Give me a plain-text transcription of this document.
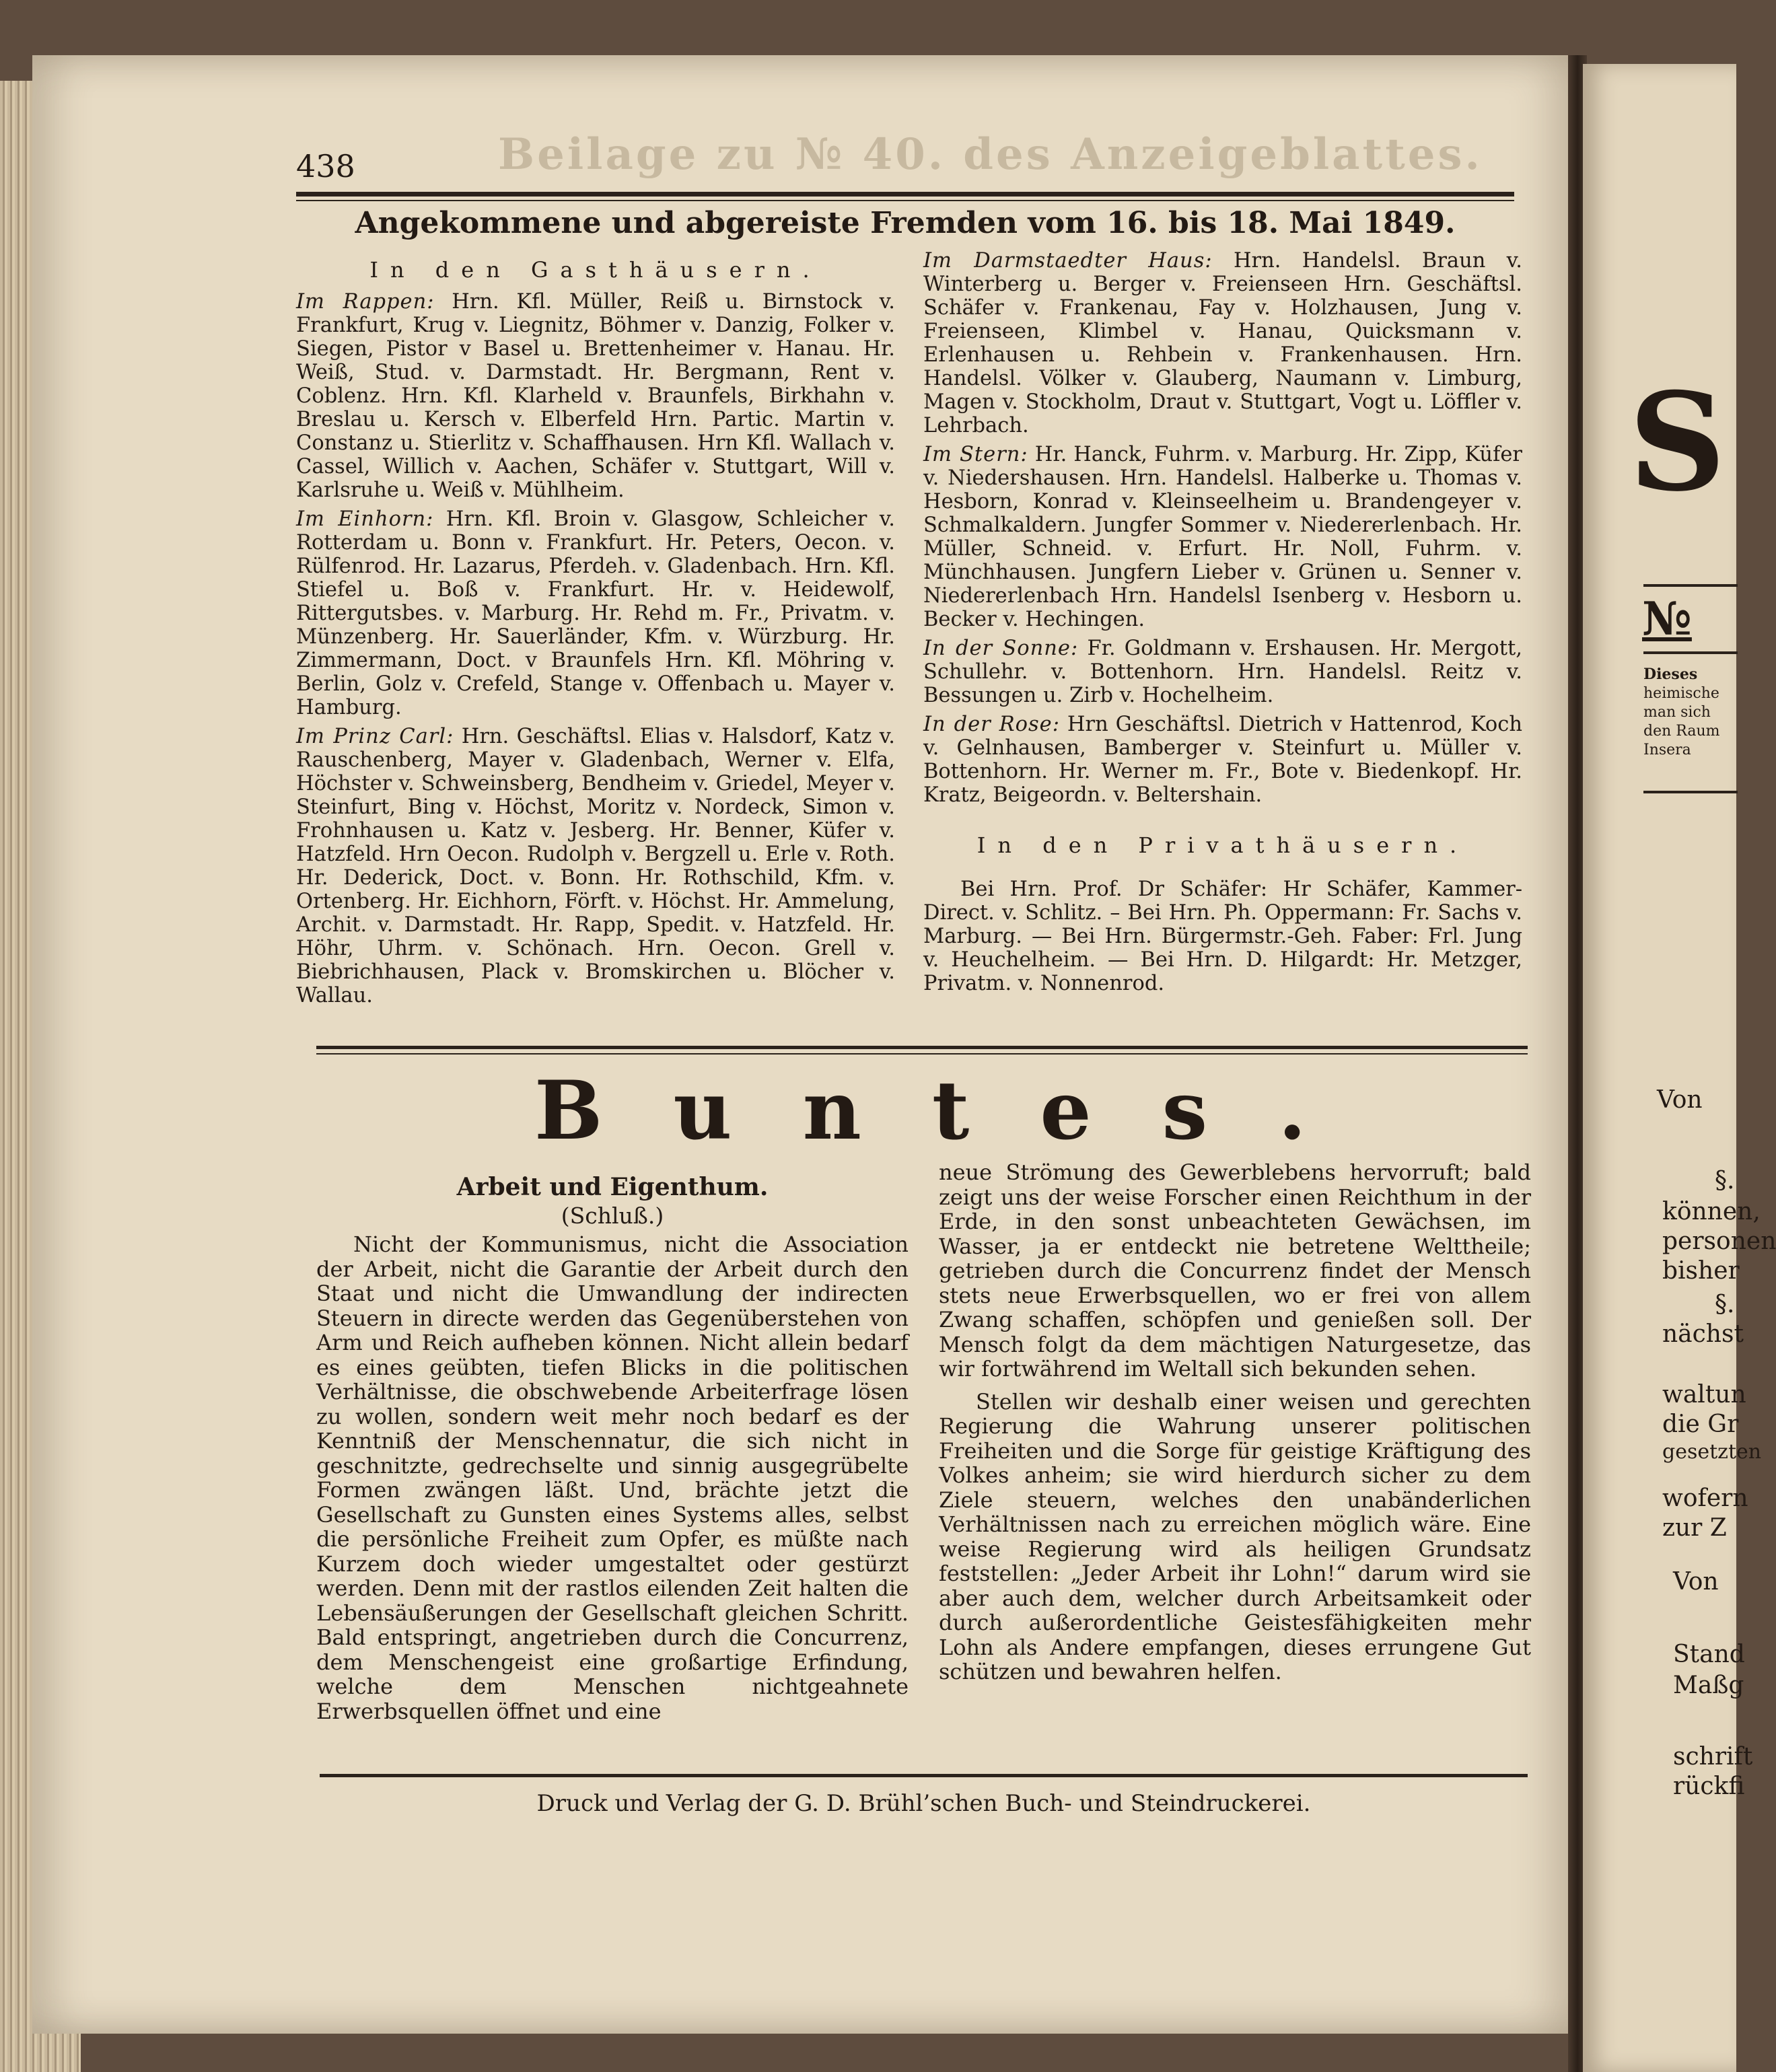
438	Beilage zu № 40. des Anzeigeblattes.
Angekommene und abgereiste Fremden vom 16. bis 18. Mai 1849.
In den Gasthäusern.

Im Rappen: Hrn. Kfl. Müller, Reiß u. Birnstock v. Frankfurt, Krug v. Liegnitz, Böhmer v. Danzig, Folker v. Siegen, Pistor v Basel u. Brettenheimer v. Hanau. Hr. Weiß, Stud. v. Darmstadt. Hr. Bergmann, Rent v. Coblenz. Hrn. Kfl. Klarheld v. Braunfels, Birkhahn v. Breslau u. Kersch v. Elberfeld Hrn. Partic. Martin v. Constanz u. Stierlitz v. Schaffhausen. Hrn Kfl. Wallach v. Cassel, Willich v. Aachen, Schäfer v. Stuttgart, Will v. Karlsruhe u. Weiß v. Mühlheim.

Im Einhorn: Hrn. Kfl. Broin v. Glasgow, Schleicher v. Rotterdam u. Bonn v. Frankfurt. Hr. Peters, Oecon. v. Rülfenrod. Hr. Lazarus, Pferdeh. v. Gladenbach. Hrn. Kfl. Stiefel u. Boß v. Frankfurt. Hr. v. Heidewolf, Rittergutsbes. v. Marburg. Hr. Rehd m. Fr., Privatm. v. Münzenberg. Hr. Sauerländer, Kfm. v. Würzburg. Hr. Zimmermann, Doct. v Braunfels Hrn. Kfl. Möhring v. Berlin, Golz v. Crefeld, Stange v. Offenbach u. Mayer v. Hamburg.

Im Prinz Carl: Hrn. Geschäftsl. Elias v. Halsdorf, Katz v. Rauschenberg, Mayer v. Gladenbach, Werner v. Elfa, Höchster v. Schweinsberg, Bendheim v. Griedel, Meyer v. Steinfurt, Bing v. Höchst, Moritz v. Nordeck, Simon v. Frohnhausen u. Katz v. Jesberg. Hr. Benner, Küfer v. Hatzfeld. Hrn Oecon. Rudolph v. Bergzell u. Erle v. Roth. Hr. Dederick, Doct. v. Bonn. Hr. Rothschild, Kfm. v. Ortenberg. Hr. Eichhorn, Förft. v. Höchst. Hr. Ammelung, Archit. v. Darmstadt. Hr. Rapp, Spedit. v. Hatzfeld. Hr. Höhr, Uhrm. v. Schönach. Hrn. Oecon. Grell v. Biebrichhausen, Plack v. Bromskirchen u. Blöcher v. Wallau.

Im Darmstaedter Haus: Hrn. Handelsl. Braun v. Winterberg u. Berger v. Freienseen Hrn. Geschäftsl. Schäfer v. Frankenau, Fay v. Holzhausen, Jung v. Freienseen, Klimbel v. Hanau, Quicksmann v. Erlenhausen u. Rehbein v. Frankenhausen. Hrn. Handelsl. Völker v. Glauberg, Naumann v. Limburg, Magen v. Stockholm, Draut v. Stuttgart, Vogt u. Löffler v. Lehrbach.

Im Stern: Hr. Hanck, Fuhrm. v. Marburg. Hr. Zipp, Küfer v. Niedershausen. Hrn. Handelsl. Halberke u. Thomas v. Hesborn, Konrad v. Kleinseelheim u. Brandengeyer v. Schmalkaldern. Jungfer Sommer v. Niedererlenbach. Hr. Müller, Schneid. v. Erfurt. Hr. Noll, Fuhrm. v. Münchhausen. Jungfern Lieber v. Grünen u. Senner v. Niedererlenbach Hrn. Handelsl Isenberg v. Hesborn u. Becker v. Hechingen.

In der Sonne: Fr. Goldmann v. Ershausen. Hr. Mergott, Schullehr. v. Bottenhorn. Hrn. Handelsl. Reitz v. Bessungen u. Zirb v. Hochelheim.

In der Rose: Hrn Geschäftsl. Dietrich v Hattenrod, Koch v. Gelnhausen, Bamberger v. Steinfurt u. Müller v. Bottenhorn. Hr. Werner m. Fr., Bote v. Biedenkopf. Hr. Kratz, Beigeordn. v. Beltershain.

In den Privathäusern.

Bei Hrn. Prof. Dr Schäfer: Hr Schäfer, Kammer-Direct. v. Schlitz. – Bei Hrn. Ph. Oppermann: Fr. Sachs v. Marburg. — Bei Hrn. Bürgermstr.-Geh. Faber: Frl. Jung v. Heuchelheim. — Bei Hrn. D. Hilgardt: Hr. Metzger, Privatm. v. Nonnenrod.

Buntes.
Arbeit und Eigenthum.
(Schluß.)

Nicht der Kommunismus, nicht die Association der Arbeit, nicht die Garantie der Arbeit durch den Staat und nicht die Umwandlung der indirecten Steuern in directe werden das Gegenüberstehen von Arm und Reich aufheben können. Nicht allein bedarf es eines geübten, tiefen Blicks in die politischen Verhältnisse, die obschwebende Arbeiterfrage lösen zu wollen, sondern weit mehr noch bedarf es der Kenntniß der Menschennatur, die sich nicht in geschnitzte, gedrechselte und sinnig ausgegrübelte Formen zwängen läßt. Und, brächte jetzt die Gesellschaft zu Gunsten eines Systems alles, selbst die persönliche Freiheit zum Opfer, es müßte nach Kurzem doch wieder umgestaltet oder gestürzt werden. Denn mit der rastlos eilenden Zeit halten die Lebensäußerungen der Gesellschaft gleichen Schritt. Bald entspringt, angetrieben durch die Concurrenz, dem Menschengeist eine großartige Erfindung, welche dem Menschen nichtgeahnete Erwerbsquellen öffnet und eine

neue Strömung des Gewerblebens hervorruft; bald zeigt uns der weise Forscher einen Reichthum in der Erde, in den sonst unbeachteten Gewächsen, im Wasser, ja er entdeckt nie betretene Welttheile; getrieben durch die Concurrenz findet der Mensch stets neue Erwerbsquellen, wo er frei von allem Zwang schaffen, schöpfen und genießen soll. Der Mensch folgt da dem mächtigen Naturgesetze, das wir fortwährend im Weltall sich bekunden sehen.

Stellen wir deshalb einer weisen und gerechten Regierung die Wahrung unserer politischen Freiheiten und die Sorge für geistige Kräftigung des Volkes anheim; sie wird hierdurch sicher zu dem Ziele steuern, welches den unabänderlichen Verhältnissen nach zu erreichen möglich wäre. Eine weise Regierung wird als heiligen Grundsatz feststellen: „Jeder Arbeit ihr Lohn!“ darum wird sie aber auch dem, welcher durch Arbeitsamkeit oder durch außerordentliche Geistesfähigkeiten mehr Lohn als Andere empfangen, dieses errungene Gut schützen und bewahren helfen.

Druck und Verlag der G. D. Brühl’schen Buch- und Steindruckerei.
S
№
Dieses
heimische
man sich
den Raum
Insera
Von
§.
können,
personen
bisher
§.
nächst
waltun
die Gr
gesetzten
wofern
zur Z
Von
Stand
Maßg
schrift
rückfi
